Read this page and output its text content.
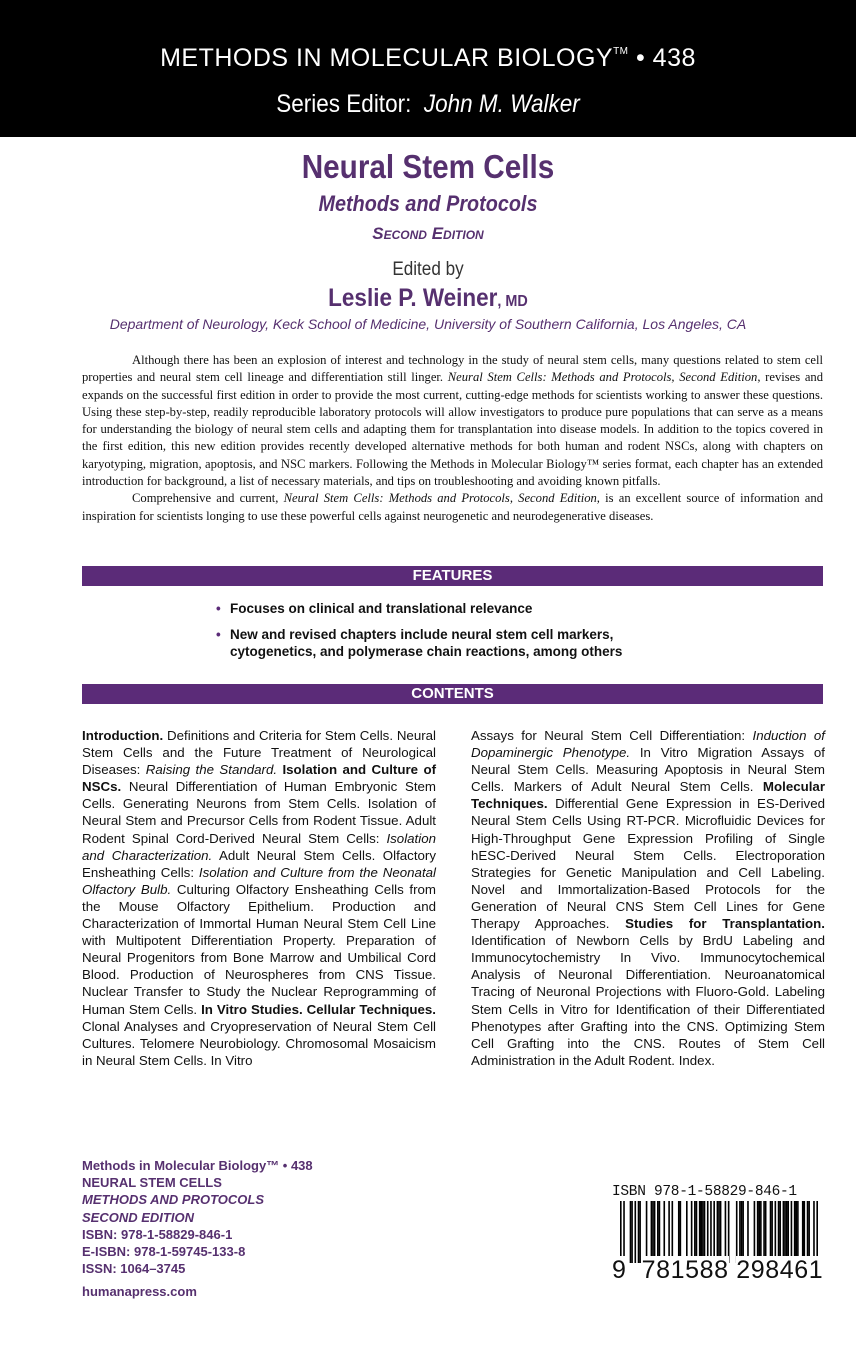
METHODS IN MOLECULAR BIOLOGY™ • 438
Series Editor: John M. Walker
Neural Stem Cells
Methods and Protocols
Second Edition
Edited by
Leslie P. Weiner, MD
Department of Neurology, Keck School of Medicine, University of Southern California, Los Angeles, CA

Although there has been an explosion of interest and technology in the study of neural stem cells, many questions related to stem cell properties and neural stem cell lineage and differentiation still linger. Neural Stem Cells: Methods and Protocols, Second Edition, revises and expands on the successful first edition in order to provide the most current, cutting-edge methods for scientists working to answer these questions. Using these step-by-step, readily reproducible laboratory protocols will allow investigators to produce pure populations that can serve as a means for understanding the biology of neural stem cells and adapting them for transplantation into disease models. In addition to the topics covered in the first edition, this new edition provides recently developed alternative methods for both human and rodent NSCs, along with chapters on karyotyping, migration, apoptosis, and NSC markers. Following the Methods in Molecular Biology™ series format, each chapter has an extended introduction for background, a list of necessary materials, and tips on troubleshooting and avoiding known pitfalls.

Comprehensive and current, Neural Stem Cells: Methods and Protocols, Second Edition, is an excellent source of information and inspiration for scientists longing to use these powerful cells against neurogenetic and neurodegenerative diseases.

FEATURES
• Focuses on clinical and translational relevance
• New and revised chapters include neural stem cell markers, cytogenetics, and polymerase chain reactions, among others
CONTENTS
Introduction. Definitions and Criteria for Stem Cells. Neural Stem Cells and the Future Treatment of Neurological Diseases: Raising the Standard. Isolation and Culture of NSCs. Neural Differentiation of Human Embryonic Stem Cells. Generating Neurons from Stem Cells. Isolation of Neural Stem and Precursor Cells from Rodent Tissue. Adult Rodent Spinal Cord-Derived Neural Stem Cells: Isolation and Characterization. Adult Neural Stem Cells. Olfactory Ensheathing Cells: Isolation and Culture from the Neonatal Olfactory Bulb. Culturing Olfactory Ensheathing Cells from the Mouse Olfactory Epithelium. Production and Characterization of Immortal Human Neural Stem Cell Line with Multipotent Differentiation Property. Preparation of Neural Progenitors from Bone Marrow and Umbilical Cord Blood. Production of Neurospheres from CNS Tissue. Nuclear Transfer to Study the Nuclear Reprogramming of Human Stem Cells. In Vitro Studies. Cellular Techniques. Clonal Analyses and Cryopreservation of Neural Stem Cell Cultures. Telomere Neurobiology. Chromosomal Mosaicism in Neural Stem Cells. In Vitro
Assays for Neural Stem Cell Differentiation: Induction of Dopaminergic Phenotype. In Vitro Migration Assays of Neural Stem Cells. Measuring Apoptosis in Neural Stem Cells. Markers of Adult Neural Stem Cells. Molecular Techniques. Differential Gene Expression in ES-Derived Neural Stem Cells Using RT-PCR. Microfluidic Devices for High-Throughput Gene Expression Profiling of Single hESC-Derived Neural Stem Cells. Electroporation Strategies for Genetic Manipulation and Cell Labeling. Novel and Immortalization-Based Protocols for the Generation of Neural CNS Stem Cell Lines for Gene Therapy Approaches. Studies for Transplantation. Identification of Newborn Cells by BrdU Labeling and Immunocytochemistry In Vivo. Immunocytochemical Analysis of Neuronal Differentiation. Neuroanatomical Tracing of Neuronal Projections with Fluoro-Gold. Labeling Stem Cells in Vitro for Identification of their Differentiated Phenotypes after Grafting into the CNS. Optimizing Stem Cell Grafting into the CNS. Routes of Stem Cell Administration in the Adult Rodent. Index.
Methods in Molecular Biology™ • 438
NEURAL STEM CELLS
METHODS AND PROTOCOLS
SECOND EDITION
ISBN: 978-1-58829-846-1
E-ISBN: 978-1-59745-133-8
ISSN: 1064–3745
humanapress.com
ISBN 978-1-58829-846-1
9 781588 298461
